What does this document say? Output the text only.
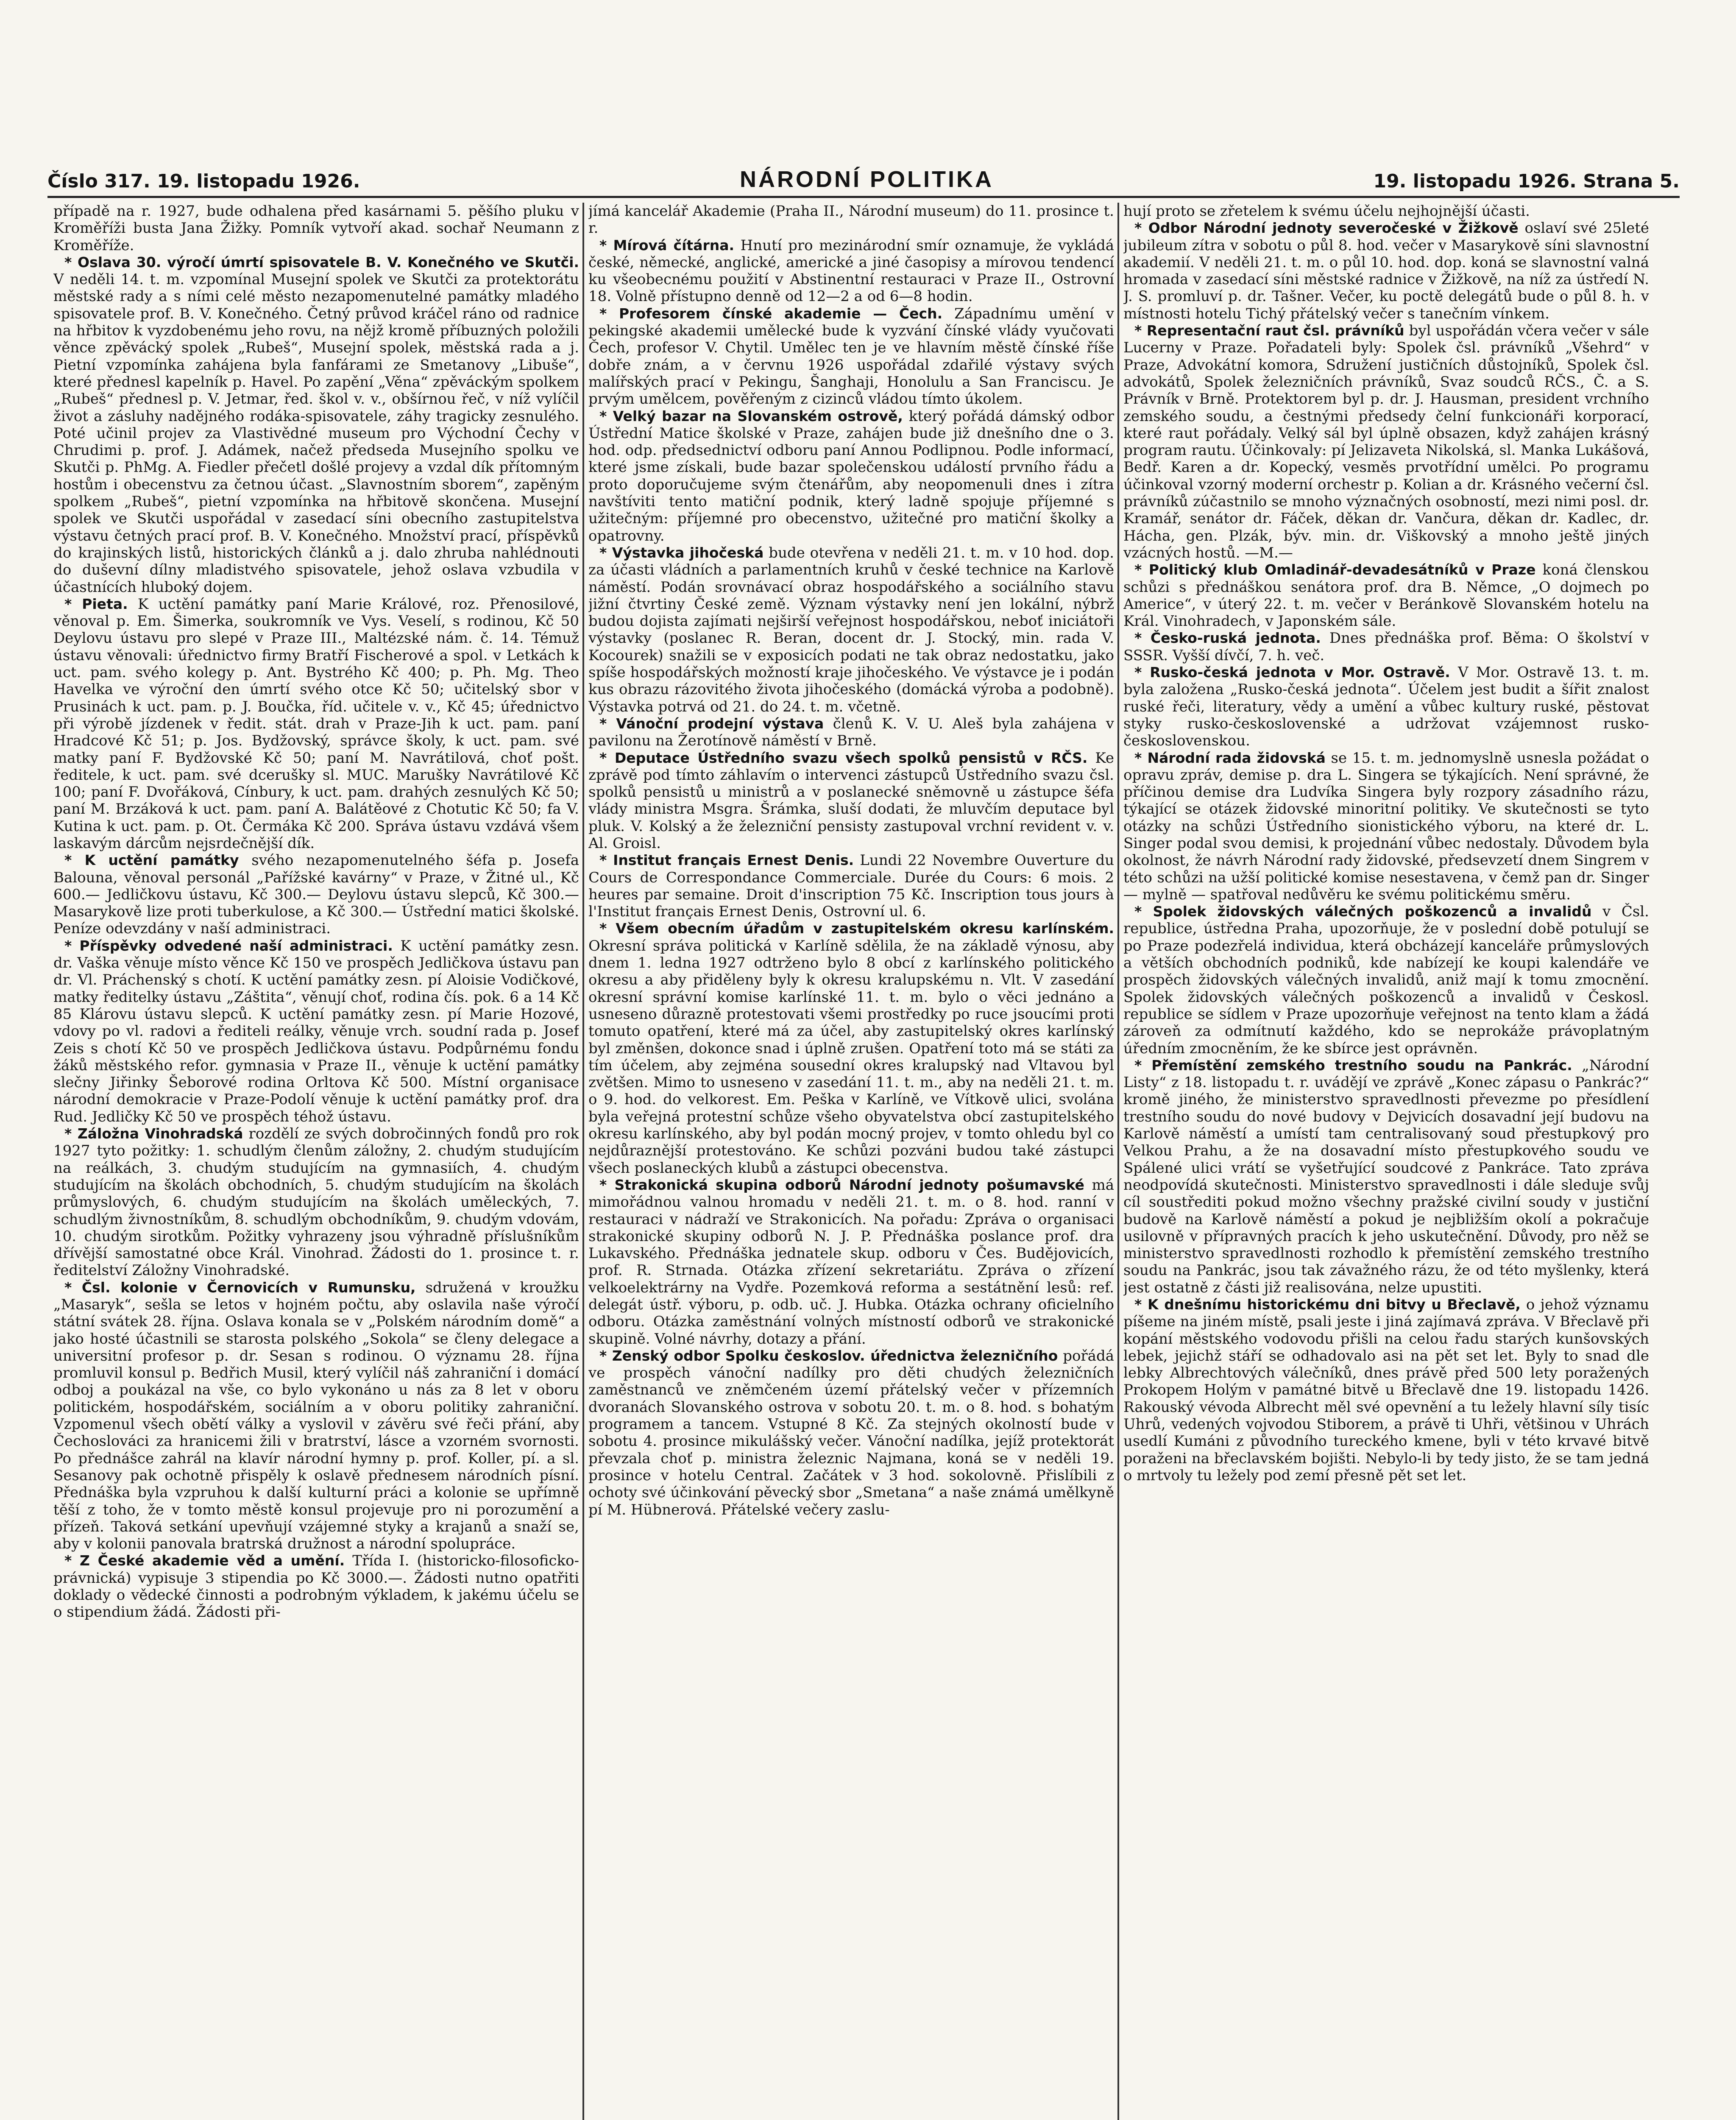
Číslo 317. 19. listopadu 1926.	NÁRODNÍ POLITIKA	19. listopadu 1926. Strana 5.

případě na r. 1927, bude odhalena před kasárnami 5. pěšího pluku v Kroměříži busta Jana Žižky. Pomník vytvoří akad. sochař Neumann z Kroměříže.

* Oslava 30. výročí úmrtí spisovatele B. V. Konečného ve Skutči. V neděli 14. t. m. vzpomínal Musejní spolek ve Skutči za protektorátu městské rady a s ními celé město nezapomenutelné památky mladého spisovatele prof. B. V. Konečného. Četný průvod kráčel ráno od radnice na hřbitov k vyzdobenému jeho rovu, na nějž kromě příbuzných položili věnce zpěvácký spolek „Rubeš“, Musejní spolek, městská rada a j. Pietní vzpomínka zahájena byla fanfárami ze Smetanovy „Libuše“, které přednesl kapelník p. Havel. Po zapění „Věna“ zpěváckým spolkem „Rubeš“ přednesl p. V. Jetmar, řed. škol v. v., obšírnou řeč, v níž vylíčil život a zásluhy nadějného rodáka-spisovatele, záhy tragicky zesnulého. Poté učinil projev za Vlastivědné museum pro Východní Čechy v Chrudimi p. prof. J. Adámek, načež předseda Musejního spolku ve Skutči p. PhMg. A. Fiedler přečetl došlé projevy a vzdal dík přítomným hostům i obecenstvu za četnou účast. „Slavnostním sborem“, zapěným spolkem „Rubeš“, pietní vzpomínka na hřbitově skončena. Musejní spolek ve Skutči uspořádal v zasedací síni obecního zastupitelstva výstavu četných prací prof. B. V. Konečného. Množství prací, příspěvků do krajinských listů, historických článků a j. dalo zhruba nahlédnouti do duševní dílny mladistvého spisovatele, jehož oslava vzbudila v účastnících hluboký dojem.

* Pieta. K uctění památky paní Marie Králové, roz. Přenosilové, věnoval p. Em. Šimerka, soukromník ve Vys. Veselí, s rodinou, Kč 50 Deylovu ústavu pro slepé v Praze III., Maltézské nám. č. 14. Témuž ústavu věnovali: úřednictvo firmy Bratří Fischerové a spol. v Letkách k uct. pam. svého kolegy p. Ant. Bystrého Kč 400; p. Ph. Mg. Theo Havelka ve výroční den úmrtí svého otce Kč 50; učitelský sbor v Prusinách k uct. pam. p. J. Boučka, říd. učitele v. v., Kč 45; úřednictvo při výrobě jízdenek v ředit. stát. drah v Praze-Jih k uct. pam. paní Hradcové Kč 51; p. Jos. Bydžovský, správce školy, k uct. pam. své matky paní F. Bydžovské Kč 50; paní M. Navrátilová, choť pošt. ředitele, k uct. pam. své dcerušky sl. MUC. Marušky Navrátilové Kč 100; paní F. Dvořáková, Cínbury, k uct. pam. drahých zesnulých Kč 50; paní M. Brzáková k uct. pam. paní A. Balátěové z Chotutic Kč 50; fa V. Kutina k uct. pam. p. Ot. Čermáka Kč 200. Správa ústavu vzdává všem laskavým dárcům nejsrdečnější dík.

* K uctění památky svého nezapomenutelného šéfa p. Josefa Balouna, věnoval personál „Pařížské kavárny“ v Praze, v Žitné ul., Kč 600.— Jedličkovu ústavu, Kč 300.— Deylovu ústavu slepců, Kč 300.— Masarykově lize proti tuberkulose, a Kč 300.— Ústřední matici školské. Peníze odevzdány v naší administraci.

* Příspěvky odvedené naší administraci. K uctění památky zesn. dr. Vaška věnuje místo věnce Kč 150 ve prospěch Jedličkova ústavu pan dr. Vl. Práchenský s chotí. K uctění památky zesn. pí Aloisie Vodičkové, matky ředitelky ústavu „Záštita“, věnují choť, rodina čís. pok. 6 a 14 Kč 85 Klárovu ústavu slepců. K uctění památky zesn. pí Marie Hozové, vdovy po vl. radovi a řediteli reálky, věnuje vrch. soudní rada p. Josef Zeis s chotí Kč 50 ve prospěch Jedličkova ústavu. Podpůrnému fondu žáků městského refor. gymnasia v Praze II., věnuje k uctění památky slečny Jiřinky Šeborové rodina Orltova Kč 500. Místní organisace národní demokracie v Praze-Podolí věnuje k uctění památky prof. dra Rud. Jedličky Kč 50 ve prospěch téhož ústavu.

* Záložna Vinohradská rozdělí ze svých dobročinných fondů pro rok 1927 tyto požitky: 1. schudlým členům záložny, 2. chudým studujícím na reálkách, 3. chudým studujícím na gymnasiích, 4. chudým studujícím na školách obchodních, 5. chudým studujícím na školách průmyslových, 6. chudým studujícím na školách uměleckých, 7. schudlým živnostníkům, 8. schudlým obchodníkům, 9. chudým vdovám, 10. chudým sirotkům. Požitky vyhrazeny jsou výhradně příslušníkům dřívější samostatné obce Král. Vinohrad. Žádosti do 1. prosince t. r. ředitelství Záložny Vinohradské.

* Čsl. kolonie v Černovicích v Rumunsku, sdružená v kroužku „Masaryk“, sešla se letos v hojném počtu, aby oslavila naše výročí státní svátek 28. října. Oslava konala se v „Polském národním domě“ a jako hosté účastnili se starosta polského „Sokola“ se členy delegace a universitní profesor p. dr. Sesan s rodinou. O významu 28. října promluvil konsul p. Bedřich Musil, který vylíčil náš zahraniční i domácí odboj a poukázal na vše, co bylo vykonáno u nás za 8 let v oboru politickém, hospodářském, sociálním a v oboru politiky zahraniční. Vzpomenul všech obětí války a vyslovil v závěru své řeči přání, aby Čechoslováci za hranicemi žili v bratrství, lásce a vzorném svornosti. Po přednášce zahrál na klavír národní hymny p. prof. Koller, pí. a sl. Sesanovy pak ochotně přispěly k oslavě přednesem národních písní. Přednáška byla vzpruhou k další kulturní práci a kolonie se upřímně těší z toho, že v tomto městě konsul projevuje pro ni porozumění a přízeň. Taková setkání upevňují vzájemné styky a krajanů a snaží se, aby v kolonii panovala bratrská družnost a národní spolupráce.

* Z České akademie věd a umění. Třída I. (historicko-filosoficko-právnická) vypisuje 3 stipendia po Kč 3000.—. Žádosti nutno opatřiti doklady o vědecké činnosti a podrobným výkladem, k jakému účelu se o stipendium žádá. Žádosti při-

jímá kancelář Akademie (Praha II., Národní museum) do 11. prosince t. r.

* Mírová čítárna. Hnutí pro mezinárodní smír oznamuje, že vykládá české, německé, anglické, americké a jiné časopisy a mírovou tendencí ku všeobecnému použití v Abstinentní restauraci v Praze II., Ostrovní 18. Volně přístupno denně od 12—2 a od 6—8 hodin.

* Profesorem čínské akademie — Čech. Západnímu umění v pekingské akademii umělecké bude k vyzvání čínské vlády vyučovati Čech, profesor V. Chytil. Umělec ten je ve hlavním městě čínské říše dobře znám, a v červnu 1926 uspořádal zdařilé výstavy svých malířských prací v Pekingu, Šanghaji, Honolulu a San Franciscu. Je prvým umělcem, pověřeným z cizinců vládou tímto úkolem.

* Velký bazar na Slovanském ostrově, který pořádá dámský odbor Ústřední Matice školské v Praze, zahájen bude již dnešního dne o 3. hod. odp. předsednictví odboru paní Annou Podlipnou. Podle informací, které jsme získali, bude bazar společenskou událostí prvního řádu a proto doporučujeme svým čtenářům, aby neopomenuli dnes i zítra navštíviti tento matiční podnik, který ladně spojuje příjemné s užitečným: příjemné pro obecenstvo, užitečné pro matiční školky a opatrovny.

* Výstavka jihočeská bude otevřena v neděli 21. t. m. v 10 hod. dop. za účasti vládních a parlamentních kruhů v české technice na Karlově náměstí. Podán srovnávací obraz hospodářského a sociálního stavu jižní čtvrtiny České země. Význam výstavky není jen lokální, nýbrž budou dojista zajímati nejširší veřejnost hospodářskou, neboť iniciátoři výstavky (poslanec R. Beran, docent dr. J. Stocký, min. rada V. Kocourek) snažili se v exposicích podati ne tak obraz nedostatku, jako spíše hospodářských možností kraje jihočeského. Ve výstavce je i podán kus obrazu rázovitého života jihočeského (domácká výroba a podobně). Výstavka potrvá od 21. do 24. t. m. včetně.

* Vánoční prodejní výstava členů K. V. U. Aleš byla zahájena v pavilonu na Žerotínově náměstí v Brně.

* Deputace Ústředního svazu všech spolků pensistů v RČS. Ke zprávě pod tímto záhlavím o intervenci zástupců Ústředního svazu čsl. spolků pensistů u ministrů a v poslanecké sněmovně u zástupce šéfa vlády ministra Msgra. Šrámka, sluší dodati, že mluvčím deputace byl pluk. V. Kolský a že železniční pensisty zastupoval vrchní revident v. v. Al. Groisl.

* Institut français Ernest Denis. Lundi 22 Novembre Ouverture du Cours de Correspondance Commerciale. Durée du Cours: 6 mois. 2 heures par semaine. Droit d'inscription 75 Kč. Inscription tous jours à l'Institut français Ernest Denis, Ostrovní ul. 6.

* Všem obecním úřadům v zastupitelském okresu karlínském. Okresní správa politická v Karlíně sdělila, že na základě výnosu, aby dnem 1. ledna 1927 odtrženo bylo 8 obcí z karlínského politického okresu a aby přiděleny byly k okresu kralupskému n. Vlt. V zasedání okresní správní komise karlínské 11. t. m. bylo o věci jednáno a usneseno důrazně protestovati všemi prostředky po ruce jsoucími proti tomuto opatření, které má za účel, aby zastupitelský okres karlínský byl změnšen, dokonce snad i úplně zrušen. Opatření toto má se státi za tím účelem, aby zejména sousední okres kralupský nad Vltavou byl zvětšen. Mimo to usneseno v zasedání 11. t. m., aby na neděli 21. t. m. o 9. hod. do velkorest. Em. Peška v Karlíně, ve Vítkově ulici, svolána byla veřejná protestní schůze všeho obyvatelstva obcí zastupitelského okresu karlínského, aby byl podán mocný projev, v tomto ohledu byl co nejdůraznější protestováno. Ke schůzi pozváni budou také zástupci všech poslaneckých klubů a zástupci obecenstva.

* Strakonická skupina odborů Národní jednoty pošumavské má mimořádnou valnou hromadu v neděli 21. t. m. o 8. hod. ranní v restauraci v nádraží ve Strakonicích. Na pořadu: Zpráva o organisaci strakonické skupiny odborů N. J. P. Přednáška poslance prof. dra Lukavského. Přednáška jednatele skup. odboru v Čes. Budějovicích, prof. R. Strnada. Otázka zřízení sekretariátu. Zpráva o zřízení velkoelektrárny na Vydře. Pozemková reforma a sestátnění lesů: ref. delegát ústř. výboru, p. odb. uč. J. Hubka. Otázka ochrany oficielního odboru. Otázka zaměstnání volných místností odborů ve strakonické skupině. Volné návrhy, dotazy a přání.

* Zenský odbor Spolku českoslov. úřednictva železničního pořádá ve prospěch vánoční nadílky pro děti chudých železničních zaměstnanců ve zněmčeném území přátelský večer v přízemních dvoranách Slovanského ostrova v sobotu 20. t. m. o 8. hod. s bohatým programem a tancem. Vstupné 8 Kč. Za stejných okolností bude v sobotu 4. prosince mikulášský večer. Vánoční nadílka, jejíž protektorát převzala choť p. ministra železnic Najmana, koná se v neděli 19. prosince v hotelu Central. Začátek v 3 hod. sokolovně. Přislíbili z ochoty své účinkování pěvecký sbor „Smetana“ a naše známá umělkyně pí M. Hübnerová. Přátelské večery zaslu-

hují proto se zřetelem k svému účelu nejhojnější účasti.

* Odbor Národní jednoty severočeské v Žižkově oslaví své 25leté jubileum zítra v sobotu o půl 8. hod. večer v Masarykově síni slavnostní akademií. V neděli 21. t. m. o půl 10. hod. dop. koná se slavnostní valná hromada v zasedací síni městské radnice v Žižkově, na níž za ústředí N. J. S. promluví p. dr. Tašner. Večer, ku poctě delegátů bude o půl 8. h. v místnosti hotelu Tichý přátelský večer s tanečním vínkem.

* Representační raut čsl. právníků byl uspořádán včera večer v sále Lucerny v Praze. Pořadateli byly: Spolek čsl. právníků „Všehrd“ v Praze, Advokátní komora, Sdružení justičních důstojníků, Spolek čsl. advokátů, Spolek železničních právníků, Svaz soudců RČS., Č. a S. Právník v Brně. Protektorem byl p. dr. J. Hausman, president vrchního zemského soudu, a čestnými předsedy čelní funkcionáři korporací, které raut pořádaly. Velký sál byl úplně obsazen, když zahájen krásný program rautu. Účinkovaly: pí Jelizaveta Nikolská, sl. Manka Lukášová, Bedř. Karen a dr. Kopecký, vesměs prvotřídní umělci. Po programu účinkoval vzorný moderní orchestr p. Kolian a dr. Krásného večerní čsl. právníků zúčastnilo se mnoho význačných osobností, mezi nimi posl. dr. Kramář, senátor dr. Fáček, děkan dr. Vančura, děkan dr. Kadlec, dr. Hácha, gen. Plzák, býv. min. dr. Viškovský a mnoho ještě jiných vzácných hostů. —M.—

* Politický klub Omladinář-devadesátníků v Praze koná členskou schůzi s přednáškou senátora prof. dra B. Němce, „O dojmech po Americe“, v úterý 22. t. m. večer v Beránkově Slovanském hotelu na Král. Vinohradech, v Japonském sále.

* Česko-ruská jednota. Dnes přednáška prof. Běma: O školství v SSSR. Vyšší dívčí, 7. h. več.

* Rusko-česká jednota v Mor. Ostravě. V Mor. Ostravě 13. t. m. byla založena „Rusko-česká jednota“. Účelem jest budit a šířit znalost ruské řeči, literatury, vědy a umění a vůbec kultury ruské, pěstovat styky rusko-československé a udržovat vzájemnost rusko-československou.

* Národní rada židovská se 15. t. m. jednomyslně usnesla požádat o opravu zpráv, demise p. dra L. Singera se týkajících. Není správné, že příčinou demise dra Ludvíka Singera byly rozpory zásadního rázu, týkající se otázek židovské minoritní politiky. Ve skutečnosti se tyto otázky na schůzi Ústředního sionistického výboru, na které dr. L. Singer podal svou demisi, k projednání vůbec nedostaly. Důvodem byla okolnost, že návrh Národní rady židovské, předsevzetí dnem Singrem v této schůzi na užší politické komise nesestavena, v čemž pan dr. Singer — mylně — spatřoval nedůvěru ke svému politickému směru.

* Spolek židovských válečných poškozenců a invalidů v Čsl. republice, ústředna Praha, upozorňuje, že v poslední době potulují se po Praze podezřelá individua, která obcházejí kanceláře průmyslových a větších obchodních podniků, kde nabízejí ke koupi kalendáře ve prospěch židovských válečných invalidů, aniž mají k tomu zmocnění. Spolek židovských válečných poškozenců a invalidů v Českosl. republice se sídlem v Praze upozorňuje veřejnost na tento klam a žádá zároveň za odmítnutí každého, kdo se neprokáže právoplatným úředním zmocněním, že ke sbírce jest oprávněn.

* Přemístění zemského trestního soudu na Pankrác. „Národní Listy“ z 18. listopadu t. r. uvádějí ve zprávě „Konec zápasu o Pankrác?“ kromě jiného, že ministerstvo spravedlnosti převezme po přesídlení trestního soudu do nové budovy v Dejvicích dosavadní její budovu na Karlově náměstí a umístí tam centralisovaný soud přestupkový pro Velkou Prahu, a že na dosavadní místo přestupkového soudu ve Spálené ulici vrátí se vyšetřující soudcové z Pankráce. Tato zpráva neodpovídá skutečnosti. Ministerstvo spravedlnosti i dále sleduje svůj cíl soustřediti pokud možno všechny pražské civilní soudy v justiční budově na Karlově náměstí a pokud je nejbližším okolí a pokračuje usilovně v přípravných pracích k jeho uskutečnění. Důvody, pro něž se ministerstvo spravedlnosti rozhodlo k přemístění zemského trestního soudu na Pankrác, jsou tak závažného rázu, že od této myšlenky, která jest ostatně z části již realisována, nelze upustiti.

* K dnešnímu historickému dni bitvy u Břeclavě, o jehož významu píšeme na jiném místě, psali jeste i jiná zajímavá zpráva. V Břeclavě při kopání městského vodovodu přišli na celou řadu starých kunšovských lebek, jejichž stáří se odhadovalo asi na pět set let. Byly to snad dle lebky Albrechtových válečníků, dnes právě před 500 lety poražených Prokopem Holým v památné bitvě u Břeclavě dne 19. listopadu 1426. Rakouský vévoda Albrecht měl své opevnění a tu ležely hlavní síly tisíc Uhrů, vedených vojvodou Stiborem, a právě ti Uhři, většinou v Uhrách usedlí Kumáni z původního tureckého kmene, byli v této krvavé bitvě poraženi na břeclavském bojišti. Nebylo-li by tedy jisto, že se tam jedná o mrtvoly tu ležely pod zemí přesně pět set let.
